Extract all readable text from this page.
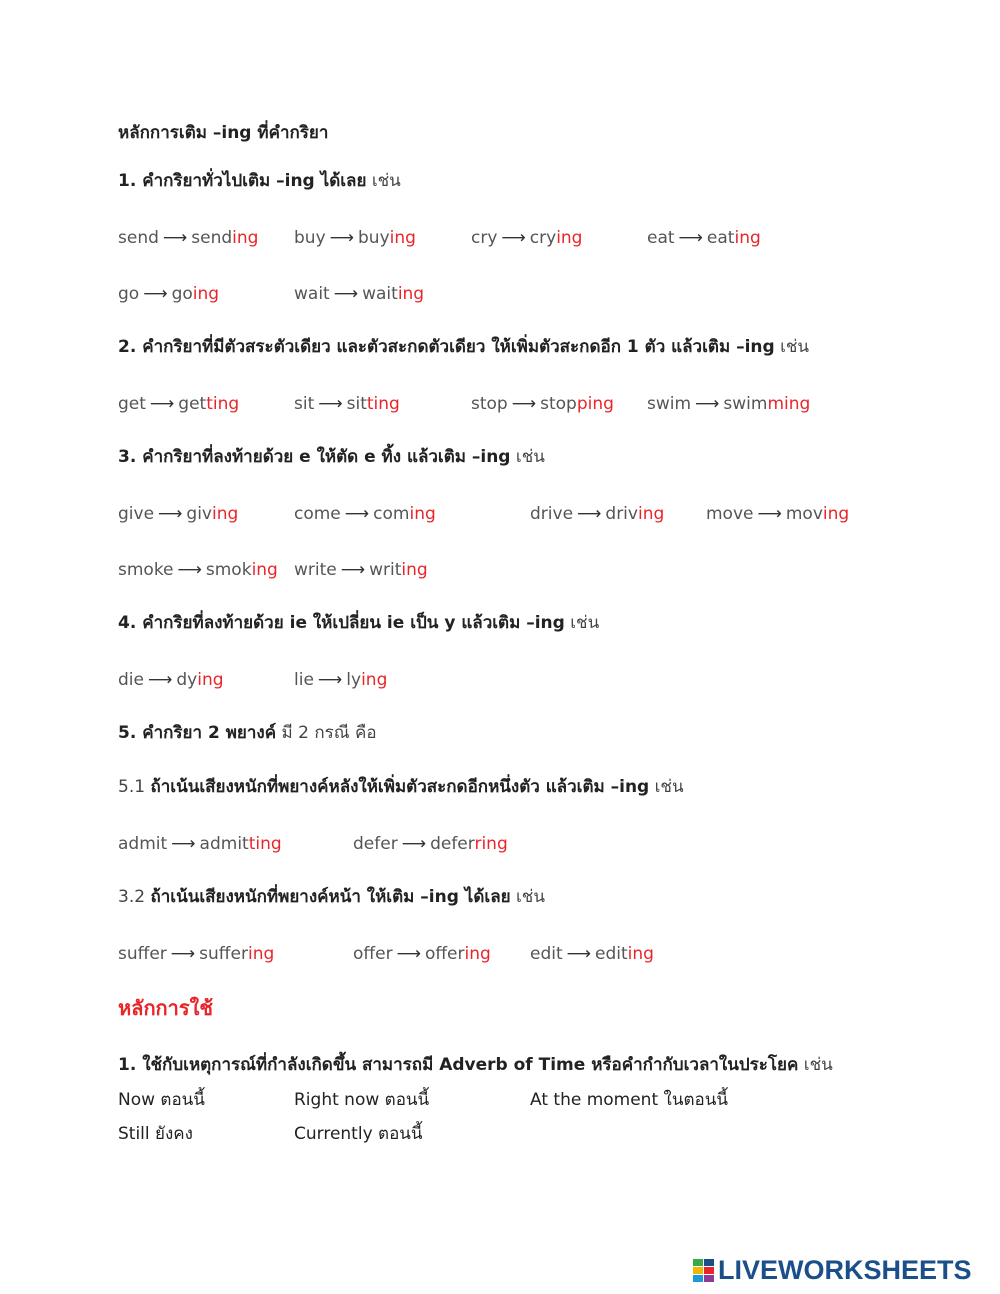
หลักการเติม –ing ที่คำกริยา
1. คำกริยาทั่วไปเติม –ing ได้เลย เช่น
send ⟶ sending buy ⟶ buying	cry ⟶ crying	eat ⟶ eating
go ⟶ going	wait ⟶ waiting
2. คำกริยาที่มีตัวสระตัวเดียว และตัวสะกดตัวเดียว ให้เพิ่มตัวสะกดอีก 1 ตัว แล้วเติม –ing เช่น
get ⟶ getting	sit ⟶ sitting	stop ⟶ stopping swim ⟶ swimming
3. คำกริยาที่ลงท้ายด้วย e ให้ตัด e ทิ้ง แล้วเติม –ing เช่น
give ⟶ giving	come ⟶ coming	drive ⟶ driving move ⟶ moving
smoke ⟶ smoking write ⟶ writing
4. คำกริยที่ลงท้ายด้วย ie ให้เปลี่ยน ie เป็น y แล้วเติม –ing เช่น
die ⟶ dying	lie ⟶ lying
5. คำกริยา 2 พยางค์ มี 2 กรณี คือ
5.1 ถ้าเน้นเสียงหนักที่พยางค์หลังให้เพิ่มตัวสะกดอีกหนึ่งตัว แล้วเติม –ing เช่น
admit ⟶ admitting	defer ⟶ deferring
3.2 ถ้าเน้นเสียงหนักที่พยางค์หน้า ให้เติม –ing ได้เลย เช่น
suffer ⟶ suffering	offer ⟶ offering edit ⟶ editing
หลักการใช้
1. ใช้กับเหตุการณ์ที่กำลังเกิดขึ้น สามารถมี Adverb of Time หรือคำกำกับเวลาในประโยค เช่น
Now ตอนนี้	Right now ตอนนี้	At the moment ในตอนนี้
Still ยังคง	Currently ตอนนี้
LIVEWORKSHEETS
